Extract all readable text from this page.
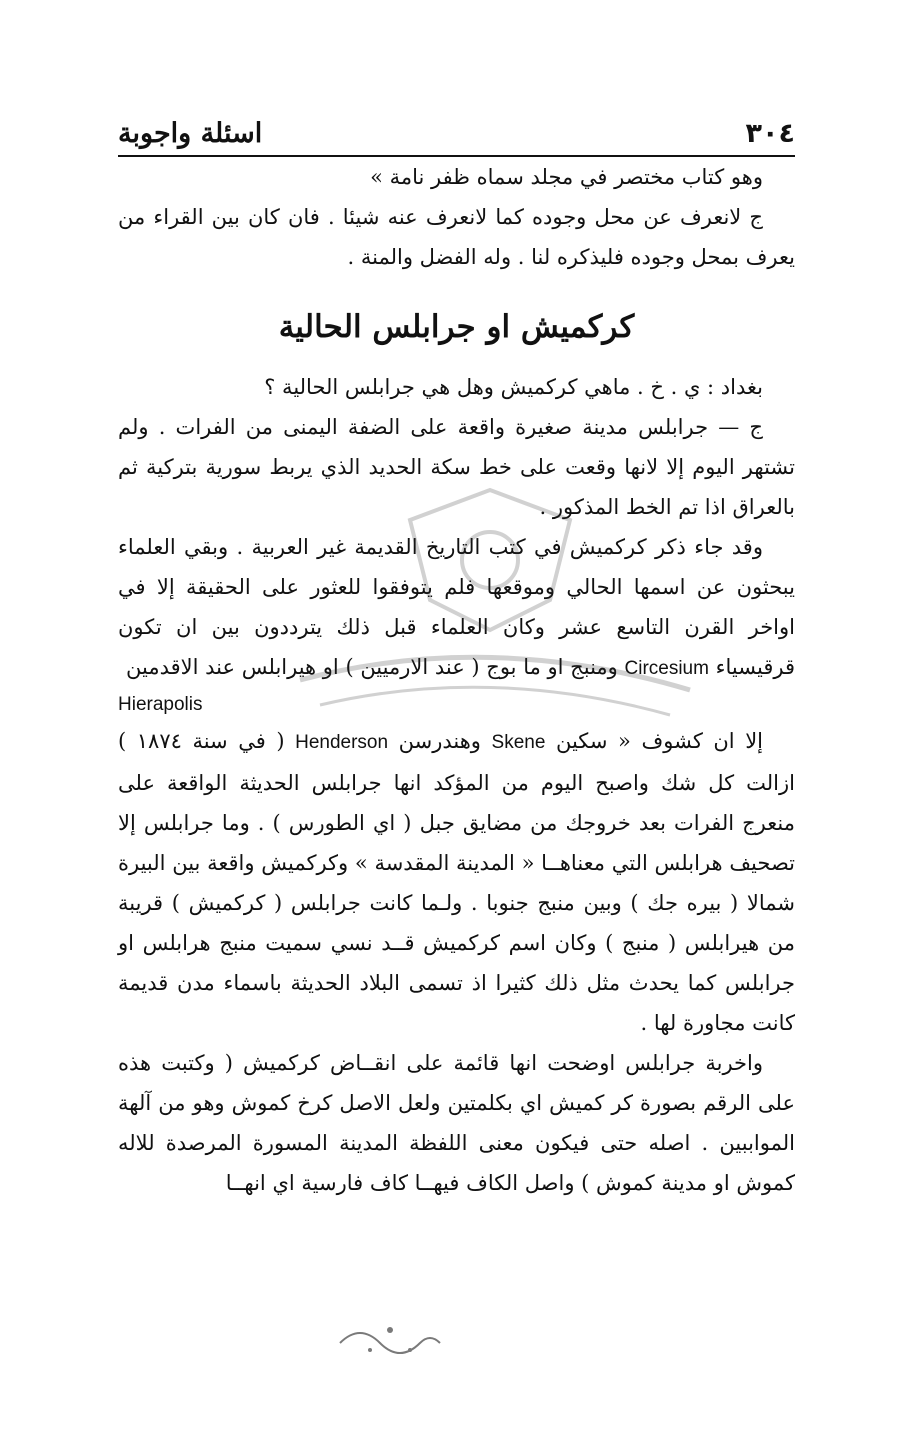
٣٠٤
اسئلة واجوبة

وهو كتاب مختصر في مجلد سماه ظفر نامة »

ج لانعرف عن محل وجوده كما لانعرف عنه شيئا . فان كان بين القراء من يعرف بمحل وجوده فليذكره لنا . وله الفضل والمنة .

كركميش او جرابلس الحالية

بغداد : ي . خ . ماهي كركميش وهل هي جرابلس الحالية ؟

ج — جرابلس مدينة صغيرة واقعة على الضفة اليمنى من الفرات . ولم تشتهر اليوم إلا لانها وقعت على خط سكة الحديد الذي يربط سورية بتركية ثم بالعراق اذا تم الخط المذكور .

وقد جاء ذكر كركميش في كتب التاريخ القديمة غير العربية . وبقي العلماء يبحثون عن اسمها الحالي وموقعها فلم يتوفقوا للعثور على الحقيقة إلا في اواخر القرن التاسع عشر وكان العلماء قبل ذلك يترددون بين ان تكون قرقيسياء Circesium ومنبج او ما بوج ( عند الارميين ) او هيرابلس عند الاقدمين

Hierapolis

إلا ان كشوف « سكين Skene وهندرسن Henderson ( في سنة ١٨٧٤ ) ازالت كل شك واصبح اليوم من المؤكد انها جرابلس الحديثة الواقعة على منعرج الفرات بعد خروجك من مضايق جبل ( اي الطورس ) . وما جرابلس إلا تصحيف هرابلس التي معناهــا « المدينة المقدسة » وكركميش واقعة بين البيرة شمالا ( بيره جك ) وبين منبج جنوبا . ولـما كانت جرابلس ( كركميش ) قريبة من هيرابلس ( منبج ) وكان اسم كركميش قــد نسي سميت منبج هرابلس او جرابلس كما يحدث مثل ذلك كثيرا اذ تسمى البلاد الحديثة باسماء مدن قديمة كانت مجاورة لها .

واخربة جرابلس اوضحت انها قائمة على انقــاض كركميش ( وكتبت هذه على الرقم بصورة كر كميش اي بكلمتين ولعل الاصل كرخ كموش وهو من آلهة المواببين . اصله حتى فيكون معنى اللفظة المدينة المسورة المرصدة للاله كموش او مدينة كموش ) واصل الكاف فيهــا كاف فارسية اي انهــا
